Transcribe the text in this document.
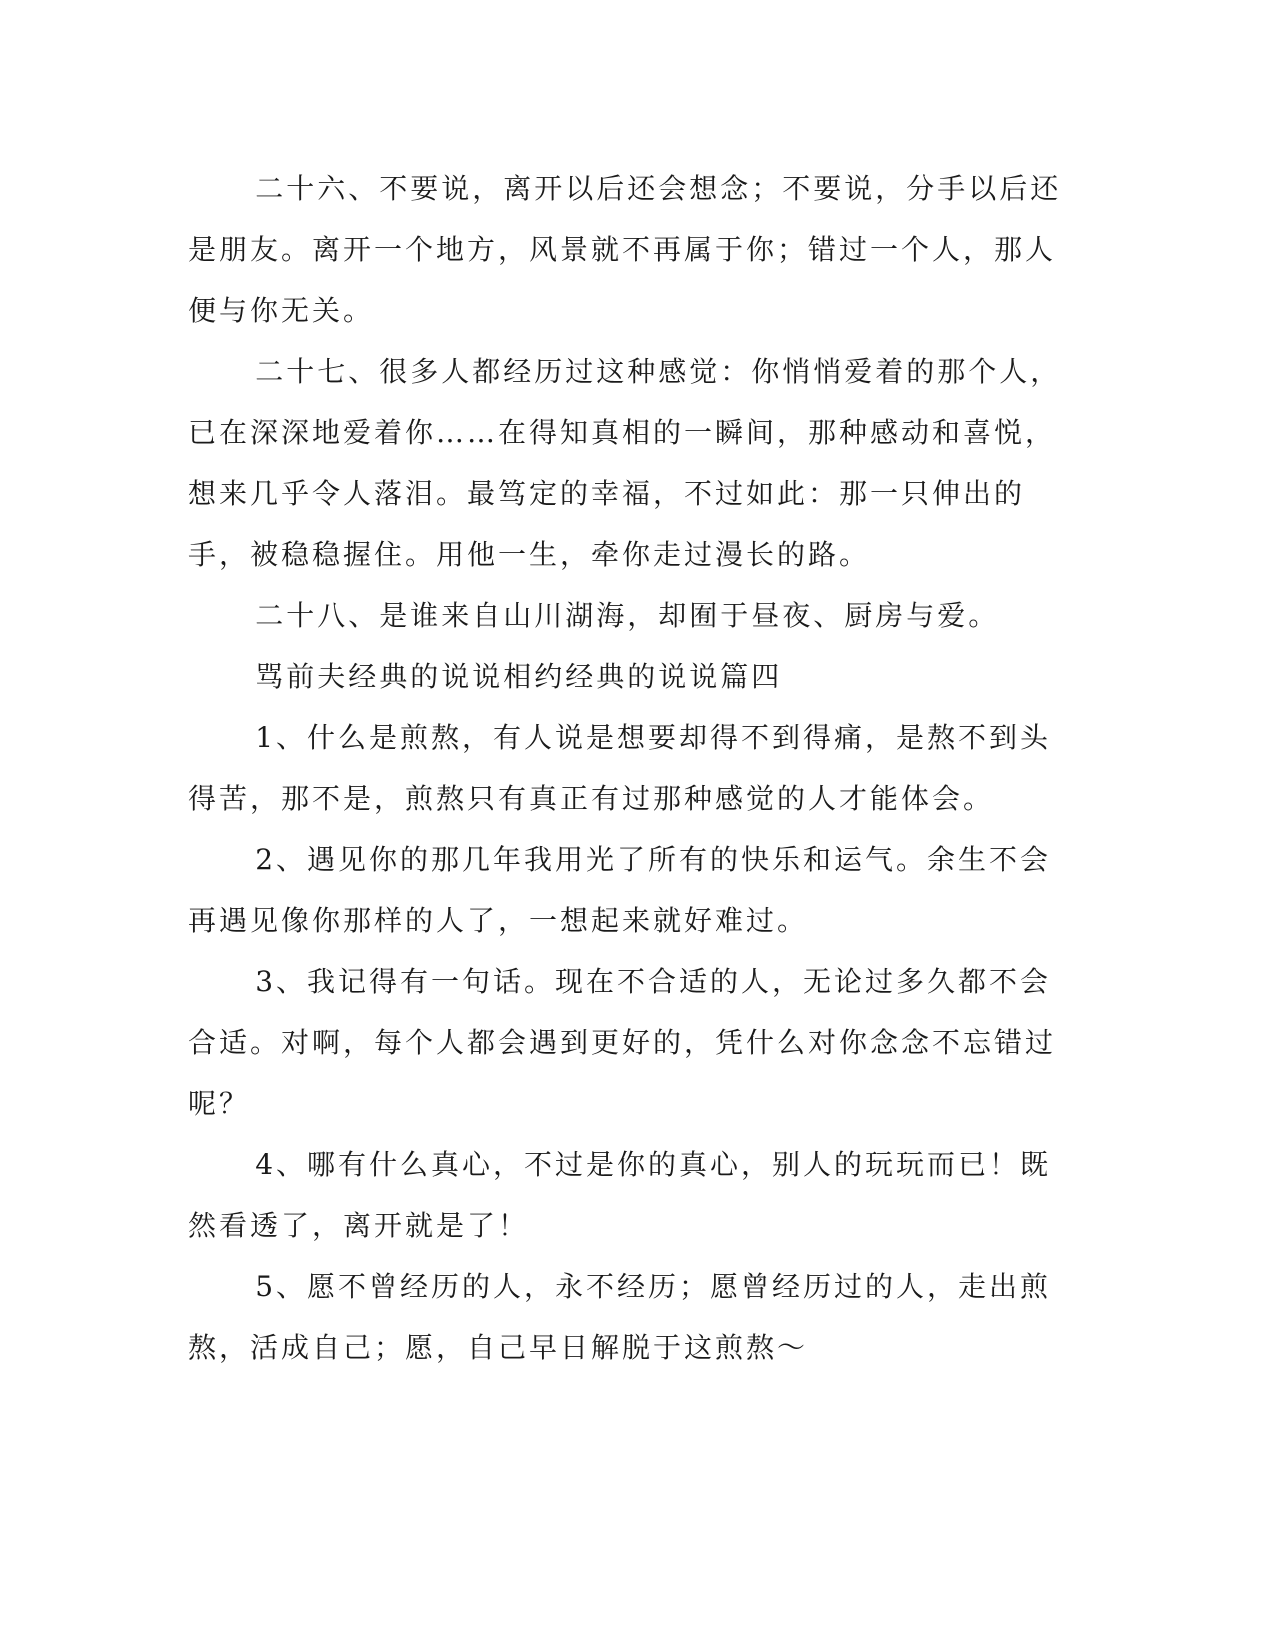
二十六、不要说，离开以后还会想念；不要说，分手以后还是朋友。离开一个地方，风景就不再属于你；错过一个人，那人便与你无关。

二十七、很多人都经历过这种感觉：你悄悄爱着的那个人，已在深深地爱着你……在得知真相的一瞬间，那种感动和喜悦，想来几乎令人落泪。最笃定的幸福，不过如此：那一只伸出的手，被稳稳握住。用他一生，牵你走过漫长的路。

二十八、是谁来自山川湖海，却囿于昼夜、厨房与爱。

骂前夫经典的说说相约经典的说说篇四

1、什么是煎熬，有人说是想要却得不到得痛，是熬不到头得苦，那不是，煎熬只有真正有过那种感觉的人才能体会。

2、遇见你的那几年我用光了所有的快乐和运气。余生不会再遇见像你那样的人了，一想起来就好难过。

3、我记得有一句话。现在不合适的人，无论过多久都不会合适。对啊，每个人都会遇到更好的，凭什么对你念念不忘错过呢？

4、哪有什么真心，不过是你的真心，别人的玩玩而已！既然看透了，离开就是了！

5、愿不曾经历的人，永不经历；愿曾经历过的人，走出煎熬，活成自己；愿，自己早日解脱于这煎熬～
